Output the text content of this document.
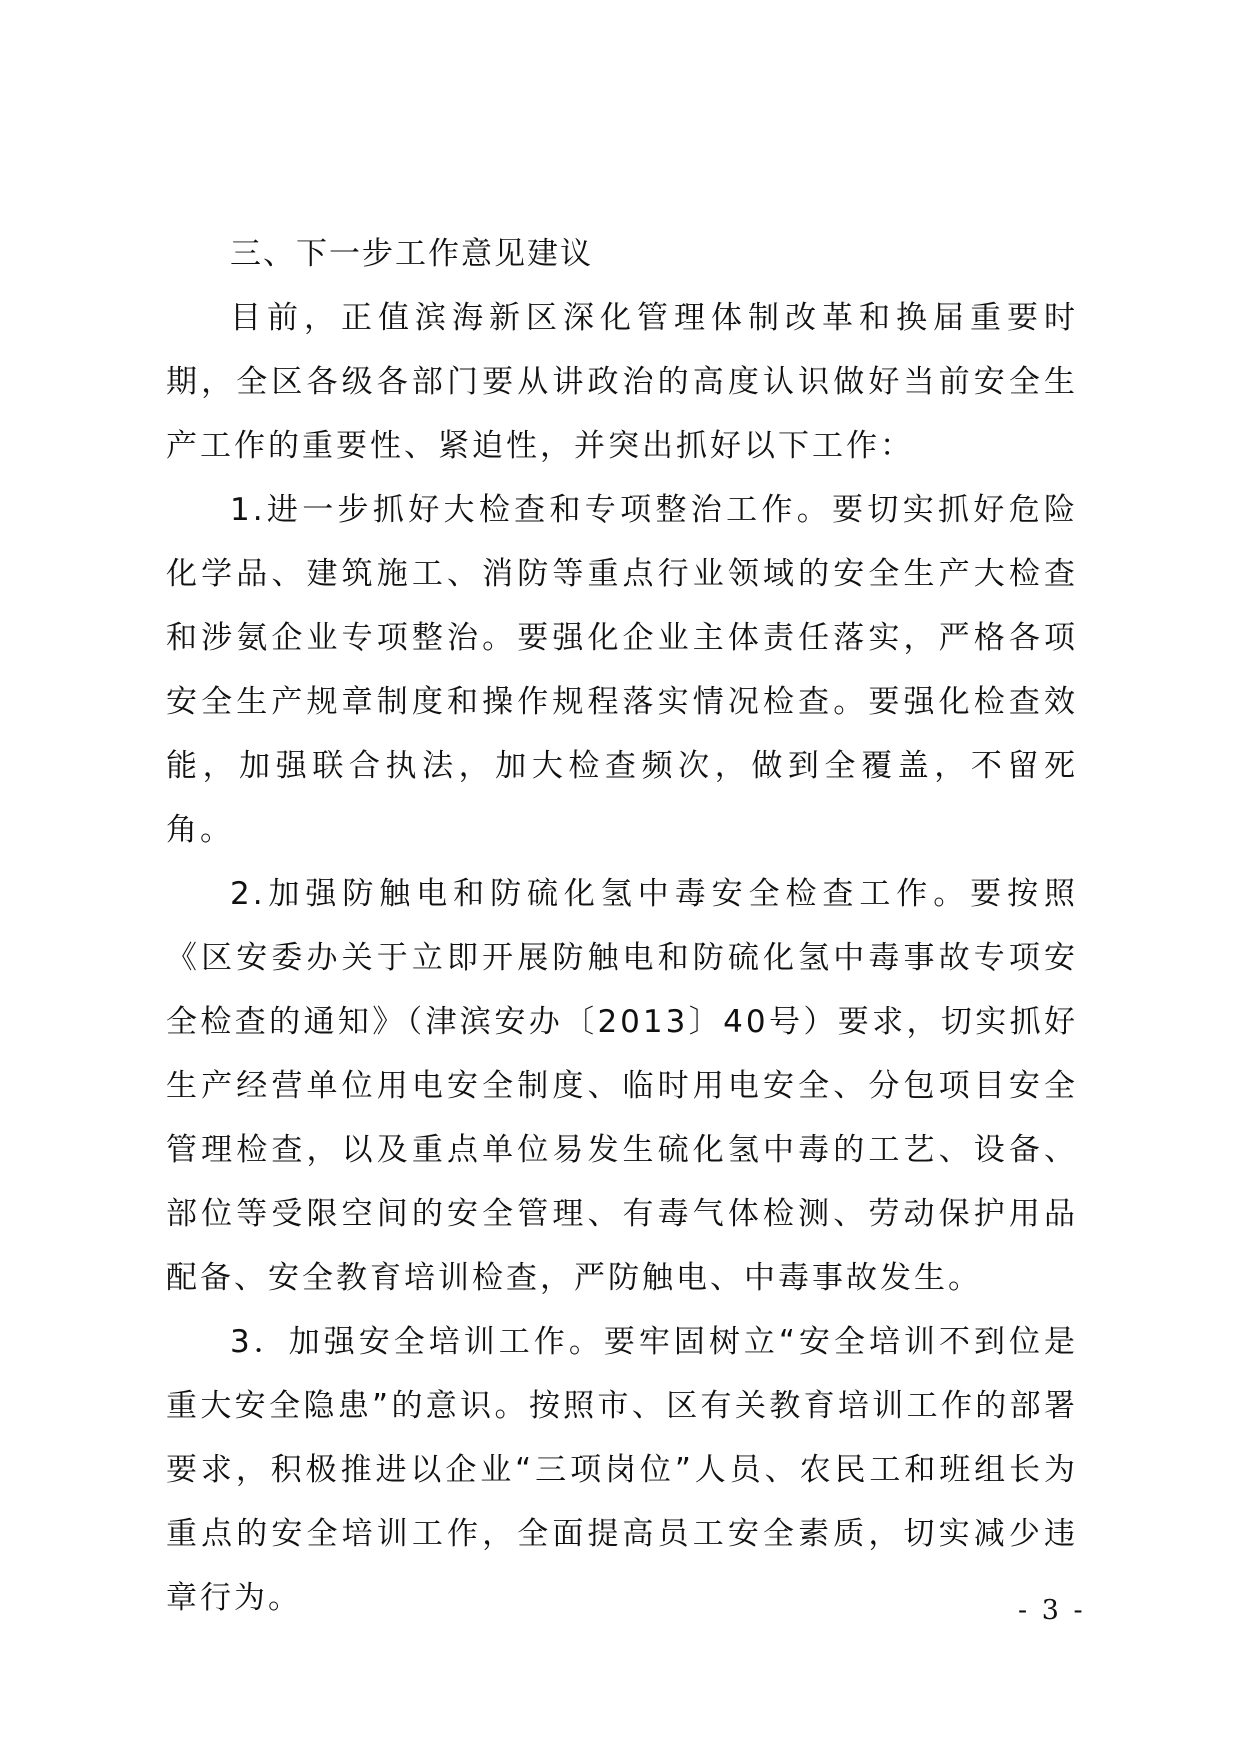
三、下一步工作意见建议

目前，正值滨海新区深化管理体制改革和换届重要时期，全区各级各部门要从讲政治的高度认识做好当前安全生产工作的重要性、紧迫性，并突出抓好以下工作：

1.进一步抓好大检查和专项整治工作。要切实抓好危险化学品、建筑施工、消防等重点行业领域的安全生产大检查和涉氨企业专项整治。要强化企业主体责任落实，严格各项安全生产规章制度和操作规程落实情况检查。要强化检查效能，加强联合执法，加大检查频次，做到全覆盖，不留死角。

2.加强防触电和防硫化氢中毒安全检查工作。要按照《区安委办关于立即开展防触电和防硫化氢中毒事故专项安全检查的通知》（津滨安办〔2013〕40号）要求，切实抓好生产经营单位用电安全制度、临时用电安全、分包项目安全管理检查，以及重点单位易发生硫化氢中毒的工艺、设备、部位等受限空间的安全管理、有毒气体检测、劳动保护用品配备、安全教育培训检查，严防触电、中毒事故发生。

3．加强安全培训工作。要牢固树立“安全培训不到位是重大安全隐患”的意识。按照市、区有关教育培训工作的部署要求，积极推进以企业“三项岗位”人员、农民工和班组长为重点的安全培训工作，全面提高员工安全素质，切实减少违章行为。	- 3 -
